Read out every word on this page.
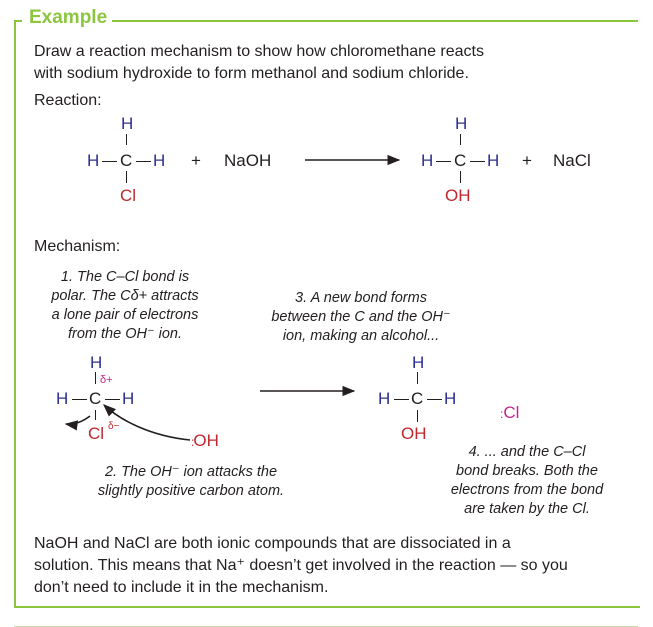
Example
Draw a reaction mechanism to show how chloromethane reacts
with sodium hydroxide to form methanol and sodium chloride.
Reaction:
H
H C H
Cl
+ NaOH
H
H C H
OH
+ NaCl
Mechanism:
1. The C–Cl bond is
polar. The Cδ+ attracts
a lone pair of electrons
from the OH⁻ ion.
3. A new bond forms
between the C and the OH⁻
ion, making an alcohol...
2. The OH⁻ ion attacks the
slightly positive carbon atom.
4. ... and the C–Cl
bond breaks. Both the
electrons from the bond
are taken by the Cl.
H
δ+
H C H
Cl δ−
:OH
H
H C H
OH
:Cl
NaOH and NaCl are both ionic compounds that are dissociated in a
solution. This means that Na⁺ doesn’t get involved in the reaction — so you
don’t need to include it in the mechanism.
